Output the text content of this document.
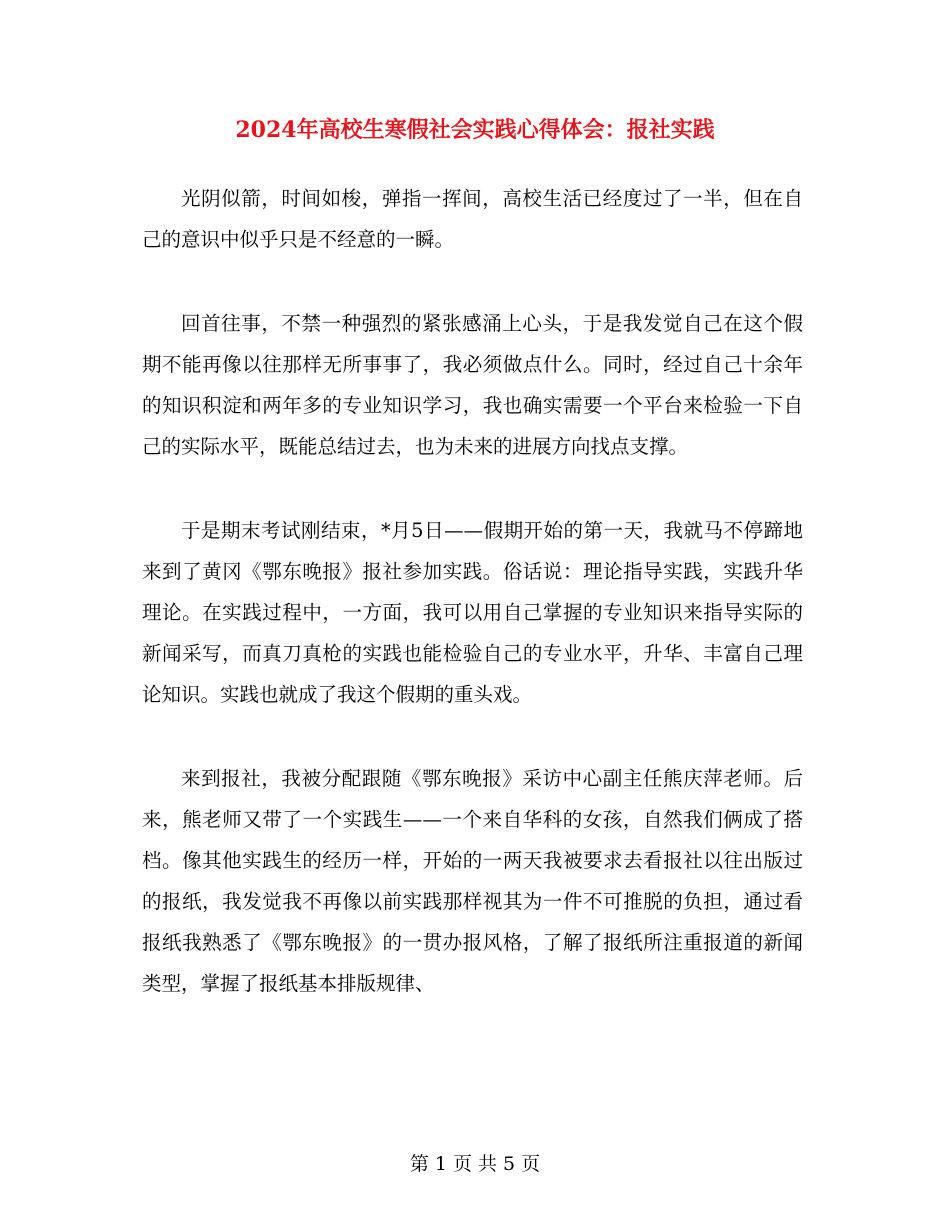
2024年高校生寒假社会实践心得体会：报社实践

光阴似箭，时间如梭，弹指一挥间，高校生活已经度过了一半，但在自己的意识中似乎只是不经意的一瞬。

回首往事，不禁一种强烈的紧张感涌上心头，于是我发觉自己在这个假期不能再像以往那样无所事事了，我必须做点什么。同时，经过自己十余年的知识积淀和两年多的专业知识学习，我也确实需要一个平台来检验一下自己的实际水平，既能总结过去，也为未来的进展方向找点支撑。

于是期末考试刚结束，*月5日——假期开始的第一天，我就马不停蹄地来到了黄冈《鄂东晚报》报社参加实践。俗话说：理论指导实践，实践升华理论。在实践过程中，一方面，我可以用自己掌握的专业知识来指导实际的新闻采写，而真刀真枪的实践也能检验自己的专业水平，升华、丰富自己理论知识。实践也就成了我这个假期的重头戏。

来到报社，我被分配跟随《鄂东晚报》采访中心副主任熊庆萍老师。后来，熊老师又带了一个实践生——一个来自华科的女孩，自然我们俩成了搭档。像其他实践生的经历一样，开始的一两天我被要求去看报社以往出版过的报纸，我发觉我不再像以前实践那样视其为一件不可推脱的负担，通过看报纸我熟悉了《鄂东晚报》的一贯办报风格，了解了报纸所注重报道的新闻类型，掌握了报纸基本排版规律、

第 1 页 共 5 页
